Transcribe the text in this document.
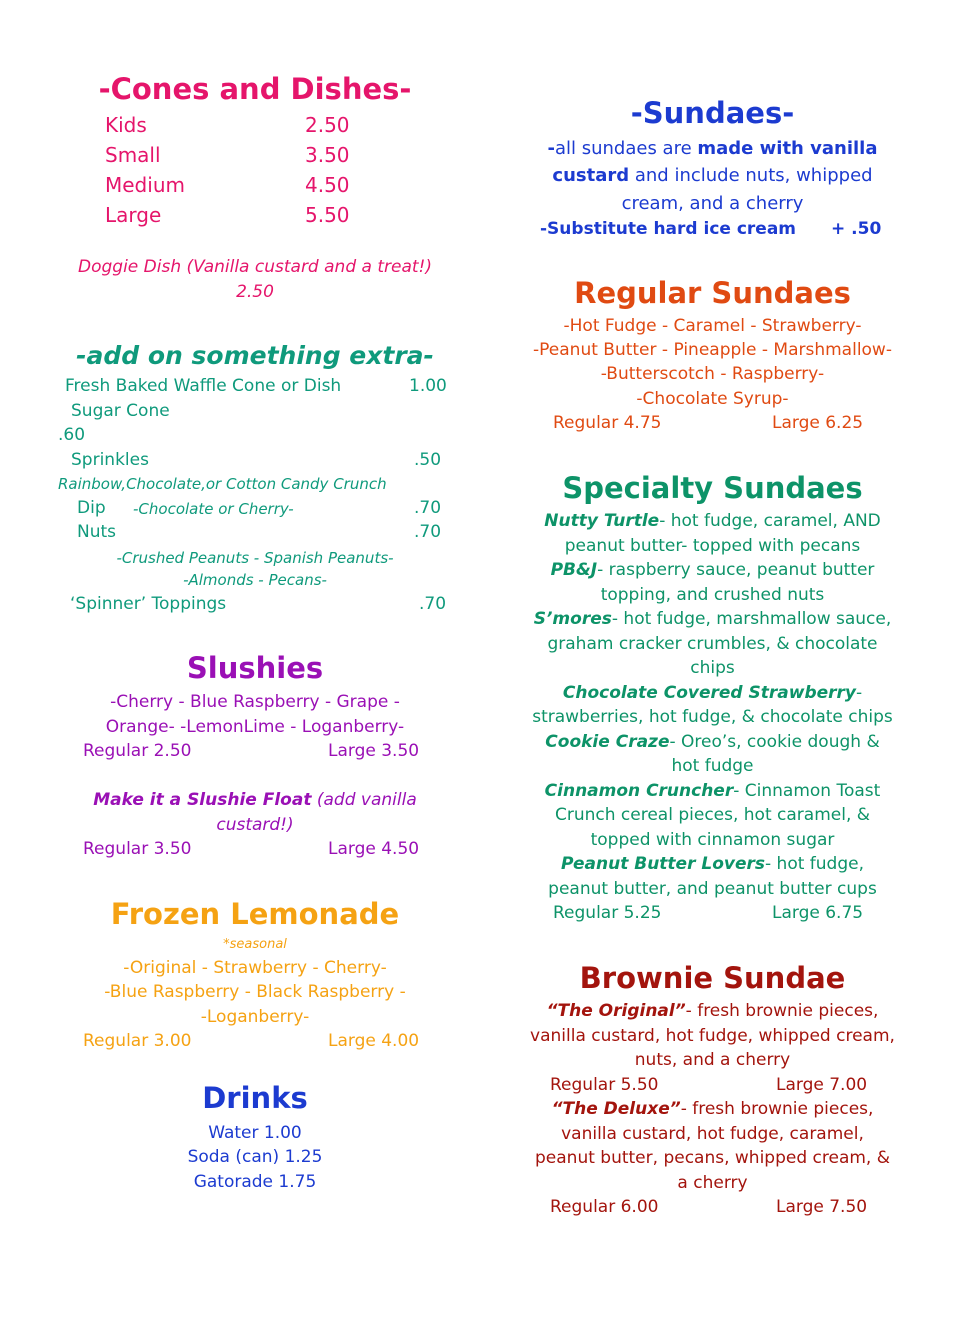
-Cones and Dishes-
Kids	2.50
Small	3.50
Medium	4.50
Large	5.50
Doggie Dish (Vanilla custard and a treat!)
2.50
-add on something extra-
Fresh Baked Waffle Cone or Dish	1.00
Sugar Cone
.60
Sprinkles	.50
Rainbow,Chocolate,or Cotton Candy Crunch
Dip -Chocolate or Cherry-	.70
Nuts	.70
-Crushed Peanuts - Spanish Peanuts-
-Almonds - Pecans-
‘Spinner’ Toppings	.70
Slushies
-Cherry - Blue Raspberry - Grape -
Orange- -LemonLime - Loganberry-
Regular 2.50	Large 3.50
Make it a Slushie Float (add vanilla
custard!)
Regular 3.50	Large 4.50
Frozen Lemonade
*seasonal
-Original - Strawberry - Cherry-
-Blue Raspberry - Black Raspberry -
-Loganberry-
Regular 3.00	Large 4.00
Drinks
Water 1.00
Soda (can) 1.25
Gatorade 1.75
-Sundaes-
-all sundaes are made with vanilla
custard and include nuts, whipped
cream, and a cherry
-Substitute hard ice cream + .50
Regular Sundaes
-Hot Fudge - Caramel - Strawberry-
-Peanut Butter - Pineapple - Marshmallow-
-Butterscotch - Raspberry-
-Chocolate Syrup-
Regular 4.75	Large 6.25
Specialty Sundaes
Nutty Turtle- hot fudge, caramel, AND
peanut butter- topped with pecans
PB&J- raspberry sauce, peanut butter
topping, and crushed nuts
S’mores- hot fudge, marshmallow sauce,
graham cracker crumbles, & chocolate
chips
Chocolate Covered Strawberry-
strawberries, hot fudge, & chocolate chips
Cookie Craze- Oreo’s, cookie dough &
hot fudge
Cinnamon Cruncher- Cinnamon Toast
Crunch cereal pieces, hot caramel, &
topped with cinnamon sugar
Peanut Butter Lovers- hot fudge,
peanut butter, and peanut butter cups
Regular 5.25	Large 6.75
Brownie Sundae
“The Original”- fresh brownie pieces,
vanilla custard, hot fudge, whipped cream,
nuts, and a cherry
Regular 5.50	Large 7.00
“The Deluxe”- fresh brownie pieces,
vanilla custard, hot fudge, caramel,
peanut butter, pecans, whipped cream, &
a cherry
Regular 6.00	Large 7.50
